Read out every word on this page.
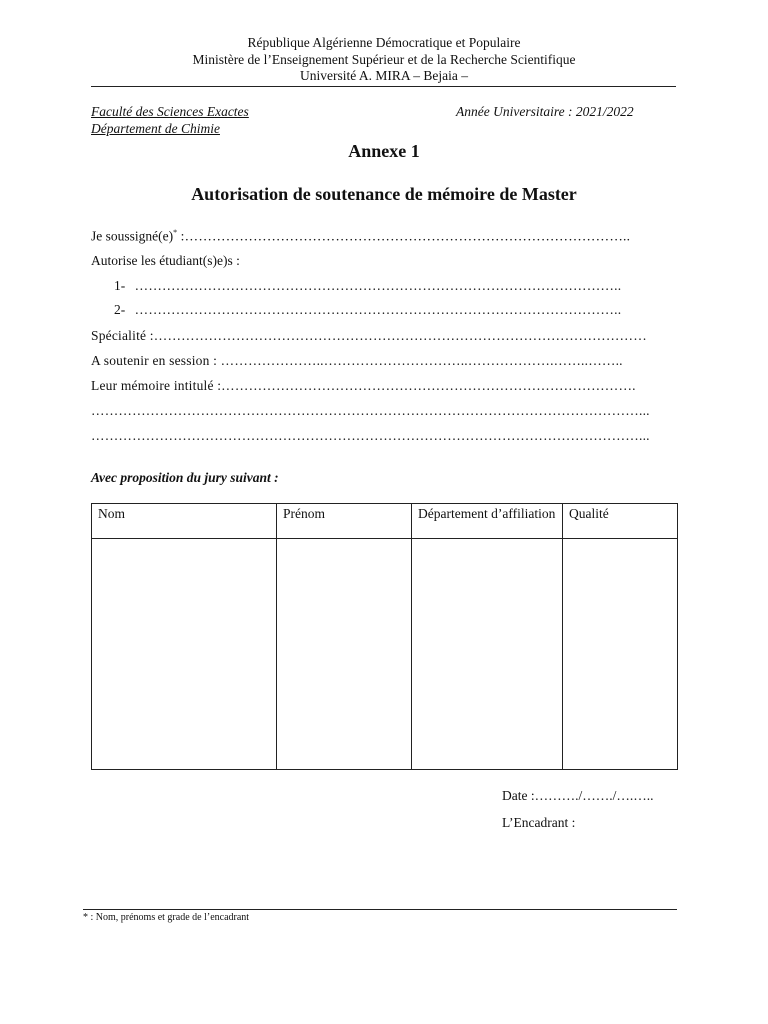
République Algérienne Démocratique et Populaire
Ministère de l’Enseignement Supérieur et de la Recherche Scientifique
Université A. MIRA – Bejaia –
Faculté des Sciences Exactes
Département de Chimie
Année Universitaire : 2021/2022
Annexe 1
Autorisation de soutenance de mémoire de Master
Je soussigné(e)* :……………………………………………………………………………………..
Autorise les étudiant(s)e)s :
1- ……………………………………………………………………………………………..
2- ……………………………………………………………………………………………..
Spécialité :………………………………………………………………………………………………
A soutenir en session : …………………..…………………………..……………….……..……..
Leur mémoire intitulé :……………………………………………………………………………….
…………………………………………………………………………………………………………...
…………………………………………………………………………………………………………...
Avec proposition du jury suivant :
Nom	Prénom	Département d’affiliation	Qualité

Date :………./……./….…..
L’Encadrant :
* : Nom, prénoms et grade de l’encadrant
